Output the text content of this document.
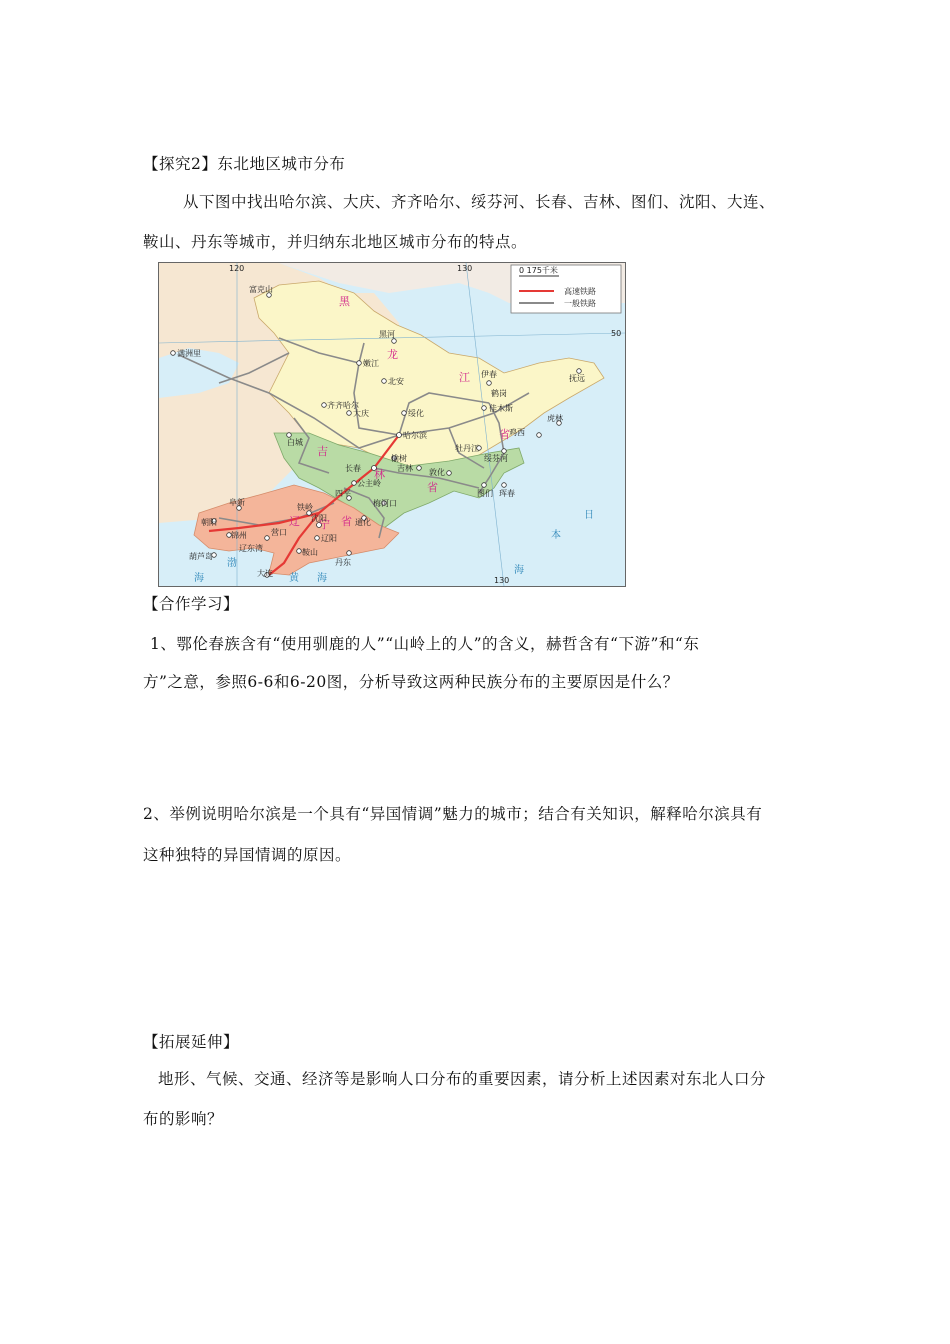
【探究2】东北地区城市分布
从下图中找出哈尔滨、大庆、齐齐哈尔、绥芬河、长春、吉林、图们、沈阳、大连、
鞍山、丹东等城市，并归纳东北地区城市分布的特点。
0 175千米
高速铁路
一般铁路
120	130
50
130
黑
龙
江
省
吉
林
省
辽 宁 省
渤
海	黄 海
日
本
海
富克山
满洲里
黑河
嫩江
北安
伊春
鹤岗
佳木斯
抚远
虎林
鸡西
齐齐哈尔
大庆	绥化
哈尔滨
白城
牡丹江
绥芬河
长春	吉林
榆树
敦化
图们 珲春
公主岭
梅河口
四平
铁岭
阜新
沈阳
朝阳
锦州	营口
辽阳
鞍山
丹东
葫芦岛
大连
辽东湾
通化
【合作学习】
1、鄂伦春族含有“使用驯鹿的人”“山岭上的人”的含义，赫哲含有“下游”和“东
方”之意，参照6-6和6-20图，分析导致这两种民族分布的主要原因是什么？
2、举例说明哈尔滨是一个具有“异国情调”魅力的城市；结合有关知识，解释哈尔滨具有
这种独特的异国情调的原因。
【拓展延伸】
地形、气候、交通、经济等是影响人口分布的重要因素，请分析上述因素对东北人口分
布的影响？
